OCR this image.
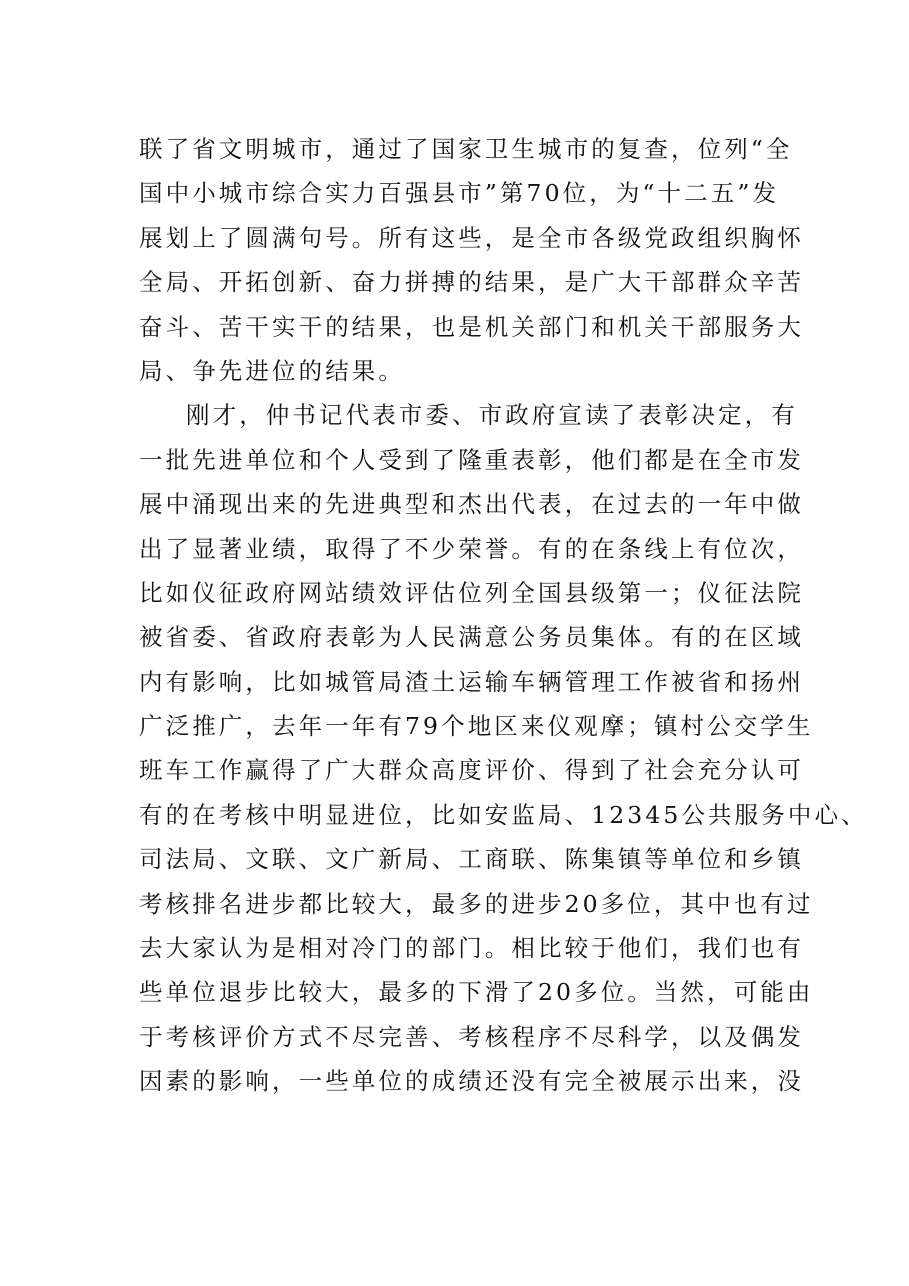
联了省文明城市，通过了国家卫生城市的复查，位列“全
国中小城市综合实力百强县市”第70位，为“十二五”发
展划上了圆满句号。所有这些，是全市各级党政组织胸怀
全局、开拓创新、奋力拼搏的结果，是广大干部群众辛苦
奋斗、苦干实干的结果，也是机关部门和机关干部服务大
局、争先进位的结果。
刚才，仲书记代表市委、市政府宣读了表彰决定，有
一批先进单位和个人受到了隆重表彰，他们都是在全市发
展中涌现出来的先进典型和杰出代表，在过去的一年中做
出了显著业绩，取得了不少荣誉。有的在条线上有位次，
比如仪征政府网站绩效评估位列全国县级第一；仪征法院
被省委、省政府表彰为人民满意公务员集体。有的在区域
内有影响，比如城管局渣土运输车辆管理工作被省和扬州
广泛推广，去年一年有79个地区来仪观摩；镇村公交学生
班车工作赢得了广大群众高度评价、得到了社会充分认可
有的在考核中明显进位，比如安监局、12345公共服务中心、
司法局、文联、文广新局、工商联、陈集镇等单位和乡镇
考核排名进步都比较大，最多的进步20多位，其中也有过
去大家认为是相对冷门的部门。相比较于他们，我们也有
些单位退步比较大，最多的下滑了20多位。当然，可能由
于考核评价方式不尽完善、考核程序不尽科学，以及偶发
因素的影响，一些单位的成绩还没有完全被展示出来，没
